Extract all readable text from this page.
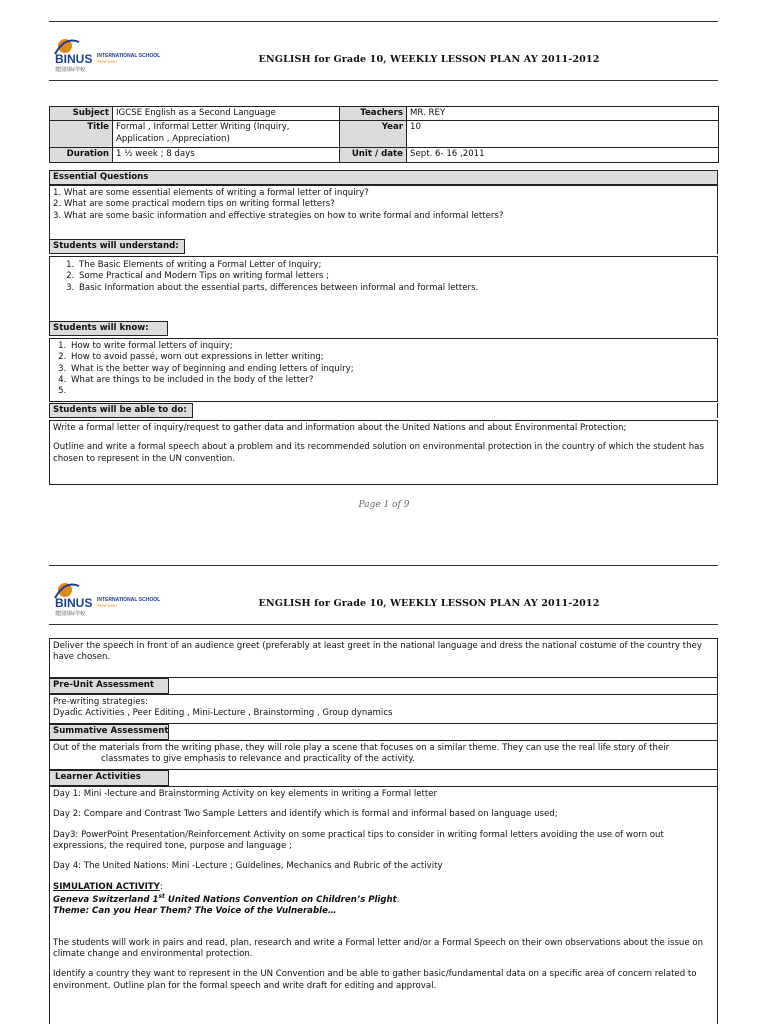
BINUS INTERNATIONAL SCHOOL
SERPONG
建国国际学校
ENGLISH for Grade 10, WEEKLY LESSON PLAN AY 2011-2012
Subject	IGCSE English as a Second Language	Teachers	MR. REY
Title	Formal , Informal Letter Writing (Inquiry, Application , Appreciation)	Year	10
Duration	1 ½ week ; 8 days	Unit / date	Sept. 6- 16 ,2011
Essential Questions
1. What are some essential elements of writing a formal letter of inquiry?
2. What are some practical modern tips on writing formal letters?
3. What are some basic information and effective strategies on how to write formal and informal letters?
Students will understand:
1. The Basic Elements of writing a Formal Letter of Inquiry;
2. Some Practical and Modern Tips on writing formal letters ;
3. Basic Information about the essential parts, differences between informal and formal letters.
Students will know:
1. How to write formal letters of inquiry;
2. How to avoid passé, worn out expressions in letter writing;
3. What is the better way of beginning and ending letters of inquiry;
4. What are things to be included in the body of the letter?
5.
Students will be able to do:

Write a formal letter of inquiry/request to gather data and information about the United Nations and about Environmental Protection;

Outline and write a formal speech about a problem and its recommended solution on environmental protection in the country of which the student has chosen to represent in the UN convention.

Page 1 of 9
BINUS INTERNATIONAL SCHOOL
SERPONG
建国国际学校
ENGLISH for Grade 10, WEEKLY LESSON PLAN AY 2011-2012
Deliver the speech in front of an audience greet (preferably at least greet in the national language and dress the national costume of the country they have chosen.
Pre-Unit Assessment
Pre-writing strategies:
Dyadic Activities , Peer Editing , Mini-Lecture , Brainstorming , Group dynamics
Summative Assessment
Out of the materials from the writing phase, they will role play a scene that focuses on a similar theme. They can use the real life story of their
classmates to give emphasis to relevance and practicality of the activity.
Learner Activities

Day 1: Mini -lecture and Brainstorming Activity on key elements in writing a Formal letter

Day 2: Compare and Contrast Two Sample Letters and identify which is formal and informal based on language used;

Day3: PowerPoint Presentation/Reinforcement Activity on some practical tips to consider in writing formal letters avoiding the use of worn out expressions, the required tone, purpose and language ;

Day 4: The United Nations: Mini -Lecture ; Guidelines, Mechanics and Rubric of the activity

SIMULATION ACTIVITY:
Geneva Switzerland 1st United Nations Convention on Children’s Plight.
Theme: Can you Hear Them? The Voice of the Vulnerable…

The students will work in pairs and read, plan, research and write a Formal letter and/or a Formal Speech on their own observations about the issue on climate change and environmental protection.

Identify a country they want to represent in the UN Convention and be able to gather basic/fundamental data on a specific area of concern related to environment. Outline plan for the formal speech and write draft for editing and approval.
